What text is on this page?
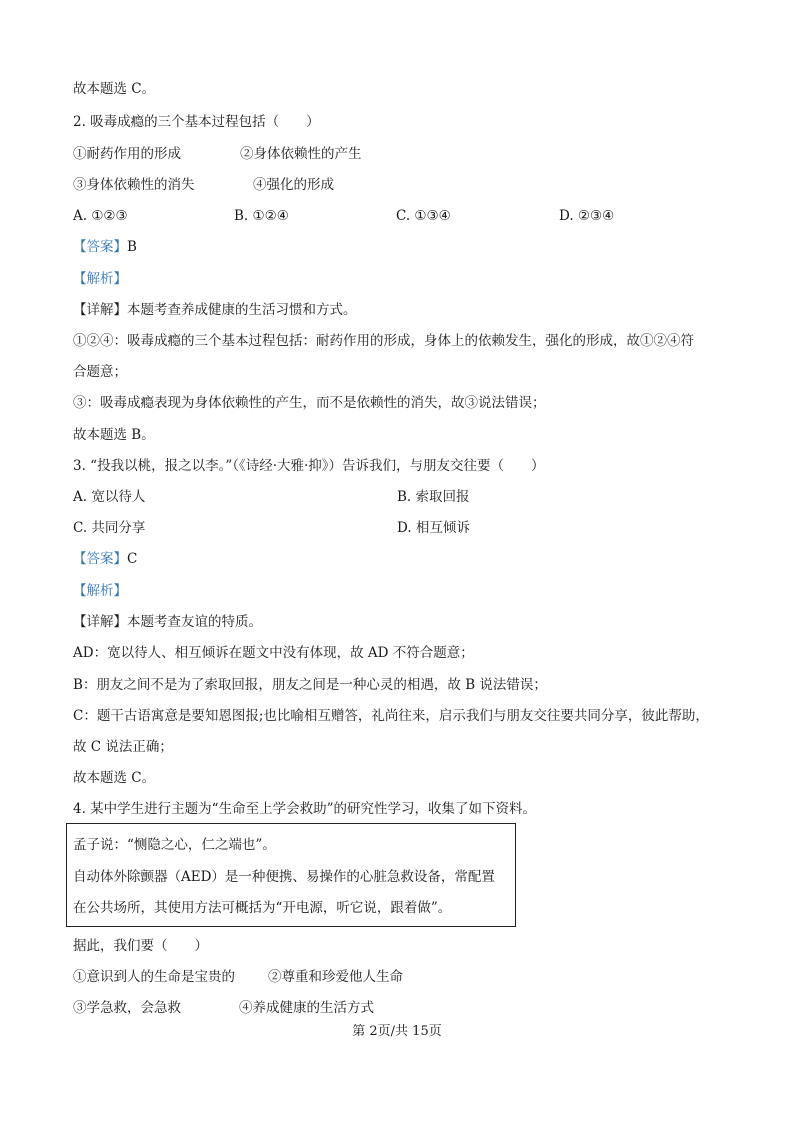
故本题选 C。
2. 吸毒成瘾的三个基本过程包括（　　）
①耐药作用的形成	②身体依赖性的产生
③身体依赖性的消失	④强化的形成
A. ①②③	B. ①②④	C. ①③④	D. ②③④
【答案】B
【解析】
【详解】本题考查养成健康的生活习惯和方式。
①②④：吸毒成瘾的三个基本过程包括：耐药作用的形成，身体上的依赖发生，强化的形成，故①②④符
合题意；
③：吸毒成瘾表现为身体依赖性的产生，而不是依赖性的消失，故③说法错误；
故本题选 B。
3. “投我以桃，报之以李。”（《诗经·大雅·抑》）告诉我们，与朋友交往要（　　）
A. 宽以待人	B. 索取回报
C. 共同分享	D. 相互倾诉
【答案】C
【解析】
【详解】本题考查友谊的特质。
AD：宽以待人、相互倾诉在题文中没有体现，故 AD 不符合题意；
B：朋友之间不是为了索取回报，朋友之间是一种心灵的相遇，故 B 说法错误；
C：题干古语寓意是要知恩图报;也比喻相互赠答，礼尚往来，启示我们与朋友交往要共同分享，彼此帮助，
故 C 说法正确；
故本题选 C。
4. 某中学生进行主题为“生命至上学会救助”的研究性学习，收集了如下资料。
孟子说：“恻隐之心，仁之端也”。
自动体外除颤器（AED）是一种便携、易操作的心脏急救设备，常配置
在公共场所，其使用方法可概括为“开电源，听它说，跟着做”。
据此，我们要（　　）
①意识到人的生命是宝贵的 ②尊重和珍爱他人生命
③学急救，会急救	④养成健康的生活方式
第 2页/共 15页
